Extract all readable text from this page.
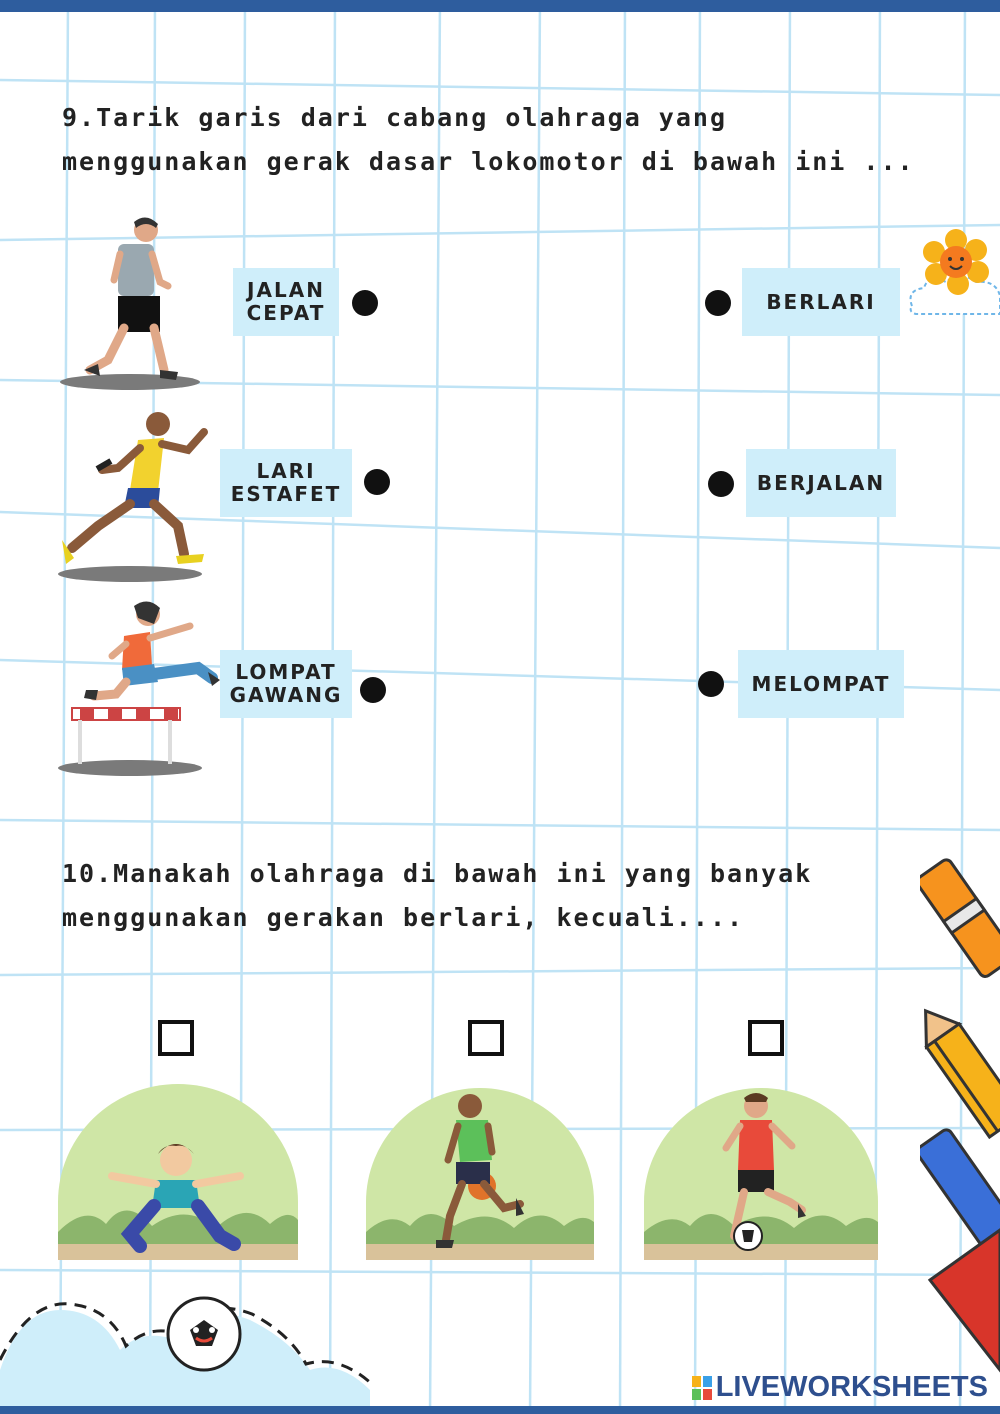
9.Tarik garis dari cabang olahraga yang
menggunakan gerak dasar lokomotor di bawah ini ...
JALAN
CEPAT
LARI
ESTAFET
LOMPAT
GAWANG
BERLARI
BERJALAN
MELOMPAT
10.Manakah olahraga di bawah ini yang banyak
menggunakan gerakan berlari, kecuali....
LIVEWORKSHEETS
